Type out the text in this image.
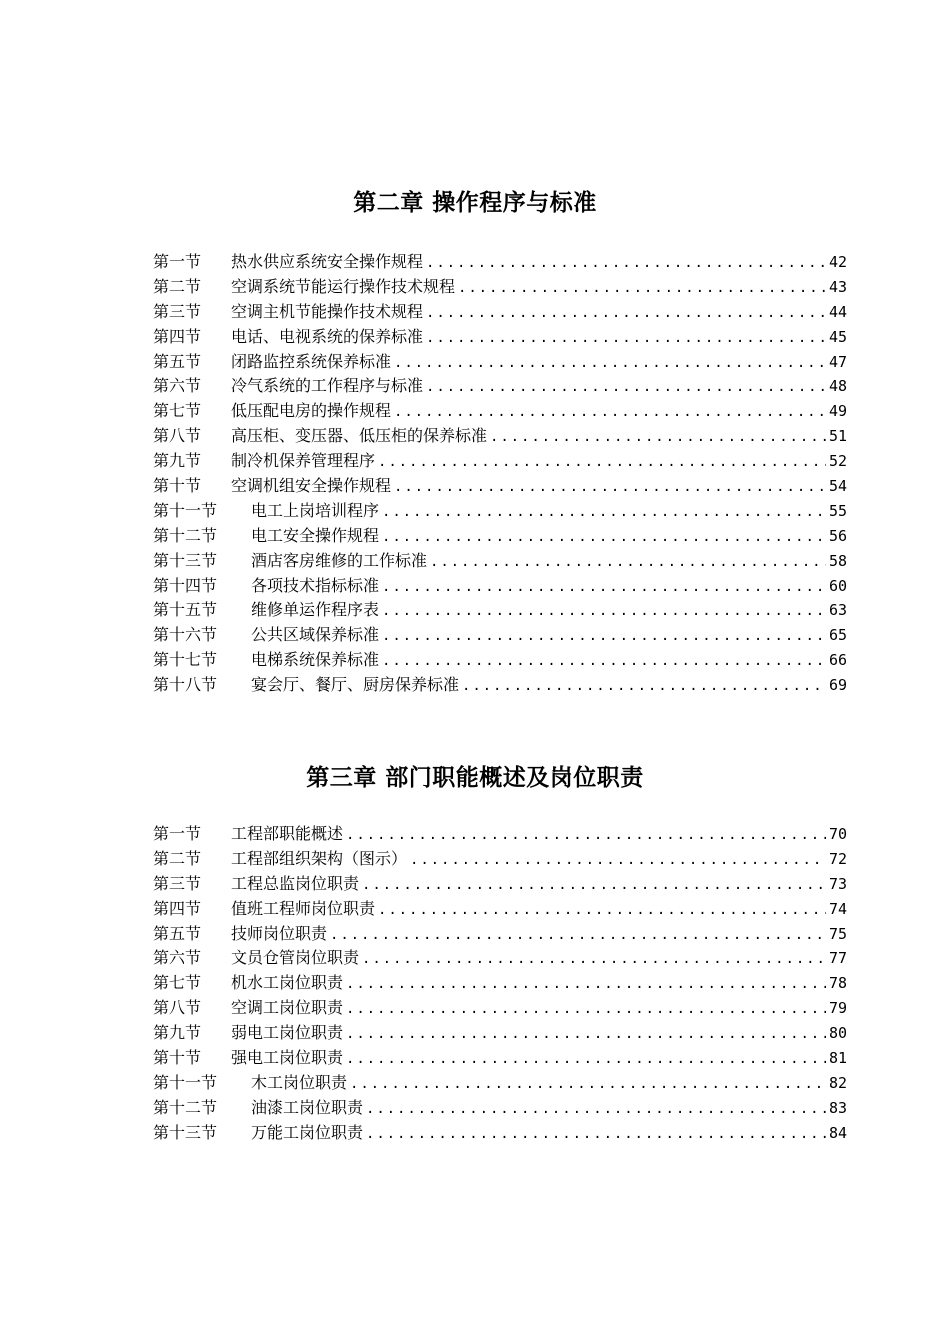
第二章 操作程序与标准
第一节	热水供应系统安全操作规程 .....	42
第二节	空调系统节能运行操作技术规程 .....	43
第三节	空调主机节能操作技术规程 .....	44
第四节	电话、电视系统的保养标准 .....	45
第五节	闭路监控系统保养标准 .....	47
第六节	冷气系统的工作程序与标准 .....	48
第七节	低压配电房的操作规程 .....	49
第八节	高压柜、变压器、低压柜的保养标准 .....	51
第九节	制冷机保养管理程序 .....	52
第十节	空调机组安全操作规程 .....	54
第十一节	电工上岗培训程序 .....	55
第十二节	电工安全操作规程 .....	56
第十三节	酒店客房维修的工作标准 .....	58
第十四节	各项技术指标标准 .....	60
第十五节	维修单运作程序表 .....	63
第十六节	公共区域保养标准 .....	65
第十七节	电梯系统保养标准 .....	66
第十八节	宴会厅、餐厅、厨房保养标准 .....	69
第三章 部门职能概述及岗位职责
第一节	工程部职能概述 .....	70
第二节	工程部组织架构（图示） .....	72
第三节	工程总监岗位职责 .....	73
第四节	值班工程师岗位职责 .....	74
第五节	技师岗位职责 .....	75
第六节	文员仓管岗位职责 .....	77
第七节	机水工岗位职责 .....	78
第八节	空调工岗位职责 .....	79
第九节	弱电工岗位职责 .....	80
第十节	强电工岗位职责 .....	81
第十一节	木工岗位职责 .....	82
第十二节	油漆工岗位职责 .....	83
第十三节	万能工岗位职责 .....	84
